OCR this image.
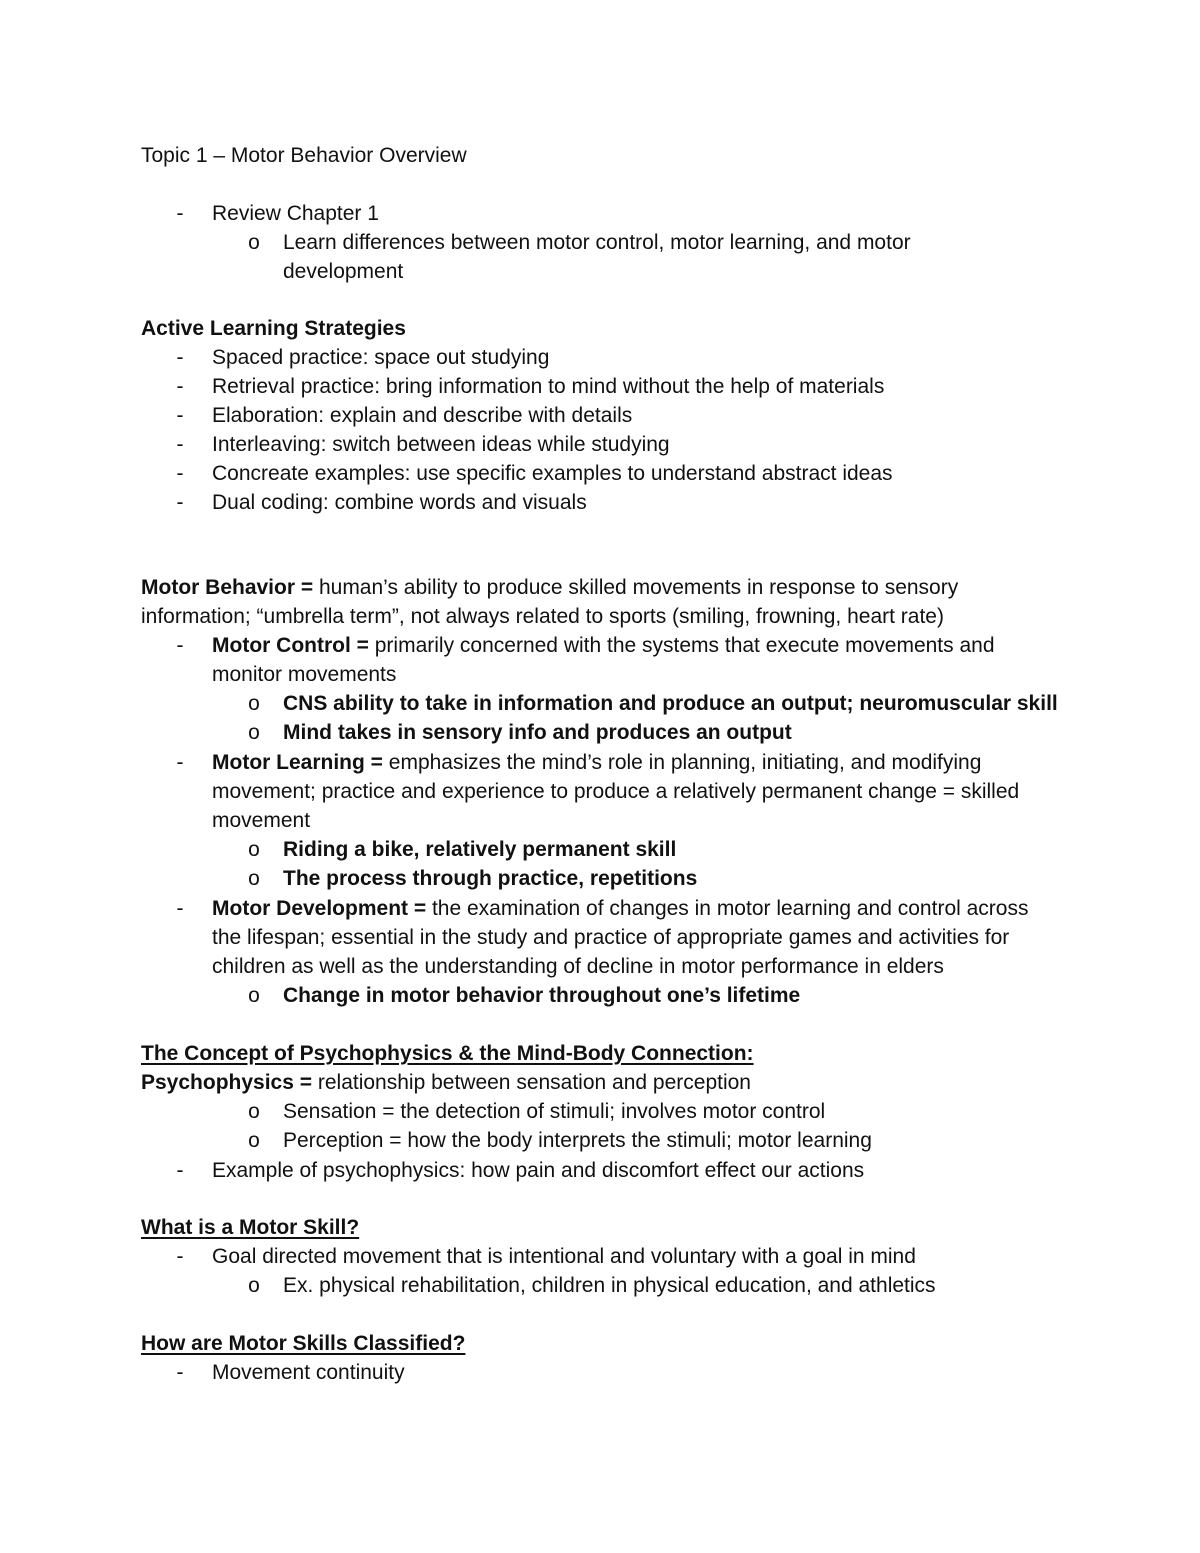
Topic 1 – Motor Behavior Overview
-	Review Chapter 1
o Learn differences between motor control, motor learning, and motor
development
Active Learning Strategies
-	Spaced practice: space out studying
-	Retrieval practice: bring information to mind without the help of materials
-	Elaboration: explain and describe with details
-	Interleaving: switch between ideas while studying
-	Concreate examples: use specific examples to understand abstract ideas
-	Dual coding: combine words and visuals
Motor Behavior = human’s ability to produce skilled movements in response to sensory
information; “umbrella term”, not always related to sports (smiling, frowning, heart rate)
-	Motor Control = primarily concerned with the systems that execute movements and
monitor movements
o CNS ability to take in information and produce an output; neuromuscular skill
o Mind takes in sensory info and produces an output
-	Motor Learning = emphasizes the mind’s role in planning, initiating, and modifying
movement; practice and experience to produce a relatively permanent change = skilled
movement
o Riding a bike, relatively permanent skill
o The process through practice, repetitions
-	Motor Development = the examination of changes in motor learning and control across
the lifespan; essential in the study and practice of appropriate games and activities for
children as well as the understanding of decline in motor performance in elders
o Change in motor behavior throughout one’s lifetime
The Concept of Psychophysics & the Mind-Body Connection:
Psychophysics = relationship between sensation and perception
o Sensation = the detection of stimuli; involves motor control
o Perception = how the body interprets the stimuli; motor learning
-	Example of psychophysics: how pain and discomfort effect our actions
What is a Motor Skill?
-	Goal directed movement that is intentional and voluntary with a goal in mind
o Ex. physical rehabilitation, children in physical education, and athletics
How are Motor Skills Classified?
-	Movement continuity
